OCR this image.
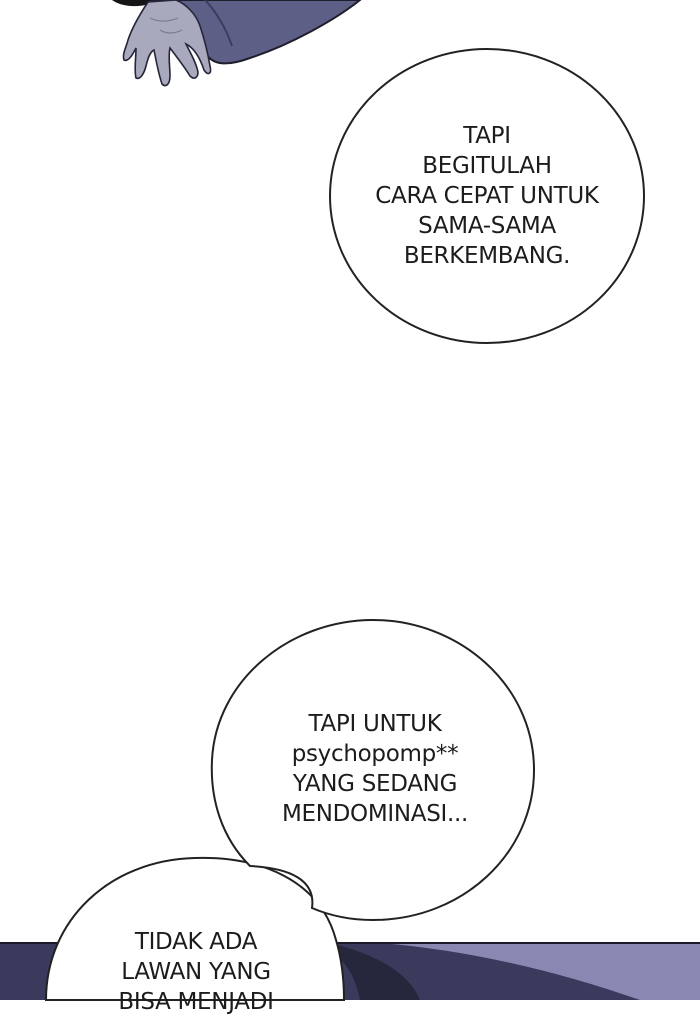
TAPI
BEGITULAH
CARA CEPAT UNTUK
SAMA-SAMA
BERKEMBANG.
TAPI UNTUK
psychopomp**
YANG SEDANG
MENDOMINASI...
TIDAK ADA
LAWAN YANG
BISA MENJADI
